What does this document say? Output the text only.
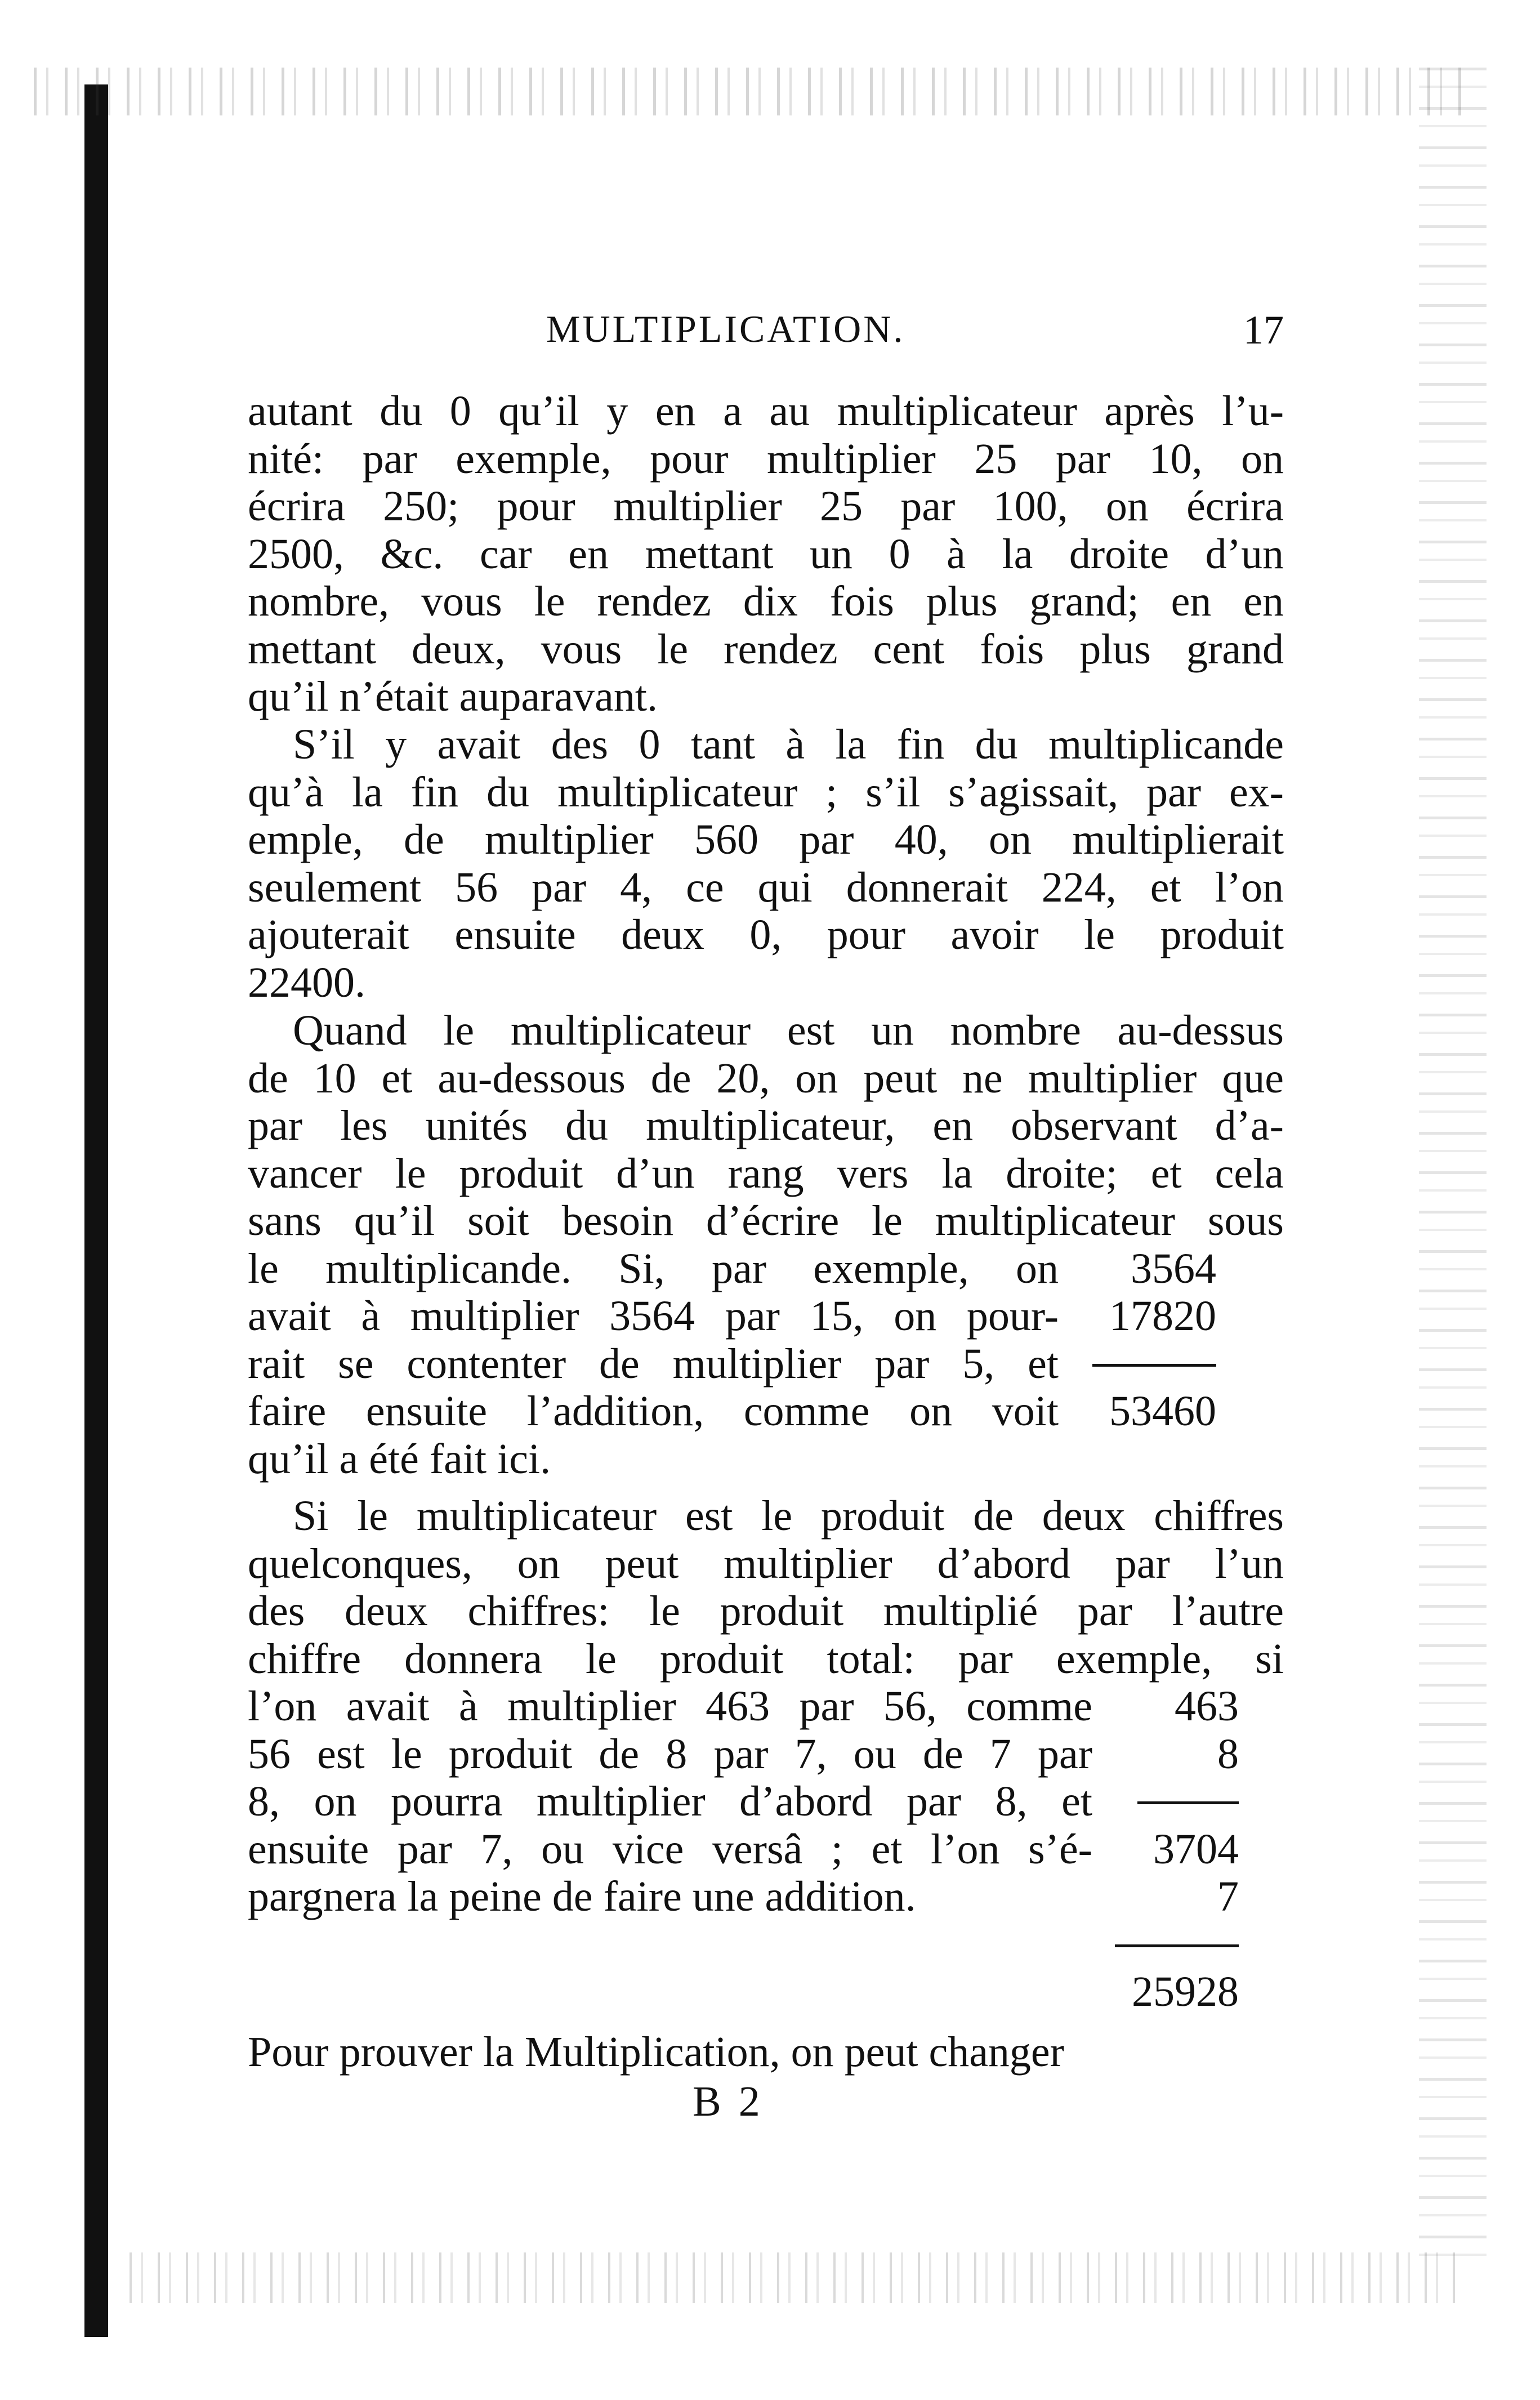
MULTIPLICATION.	17
autant du 0 qu’il y en a au multiplicateur après l’u-
nité: par exemple, pour multiplier 25 par 10, on
écrira 250; pour multiplier 25 par 100, on écrira
2500, &c. car en mettant un 0 à la droite d’un
nombre, vous le rendez dix fois plus grand; en en
mettant deux, vous le rendez cent fois plus grand
qu’il n’était auparavant.
S’il y avait des 0 tant à la fin du multiplicande
qu’à la fin du multiplicateur ; s’il s’agissait, par ex-
emple, de multiplier 560 par 40, on multiplierait
seulement 56 par 4, ce qui donnerait 224, et l’on
ajouterait ensuite deux 0, pour avoir le produit
22400.
Quand le multiplicateur est un nombre au-dessus
de 10 et au-dessous de 20, on peut ne multiplier que
par les unités du multiplicateur, en observant d’a-
vancer le produit d’un rang vers la droite; et cela
sans qu’il soit besoin d’écrire le multiplicateur sous
le multiplicande. Si, par exemple, on	3564
avait à multiplier 3564 par 15, on pour-	17820
rait se contenter de multiplier par 5, et
faire ensuite l’addition, comme on voit	53460
qu’il a été fait ici.
Si le multiplicateur est le produit de deux chiffres
quelconques, on peut multiplier d’abord par l’un
des deux chiffres: le produit multiplié par l’autre
chiffre donnera le produit total: par exemple, si
l’on avait à multiplier 463 par 56, comme	463
56 est le produit de 8 par 7, ou de 7 par	8
8, on pourra multiplier d’abord par 8, et
ensuite par 7, ou vice versâ ; et l’on s’é-	3704
pargnera la peine de faire une addition.	7
25928
Pour prouver la Multiplication, on peut changer
B 2
